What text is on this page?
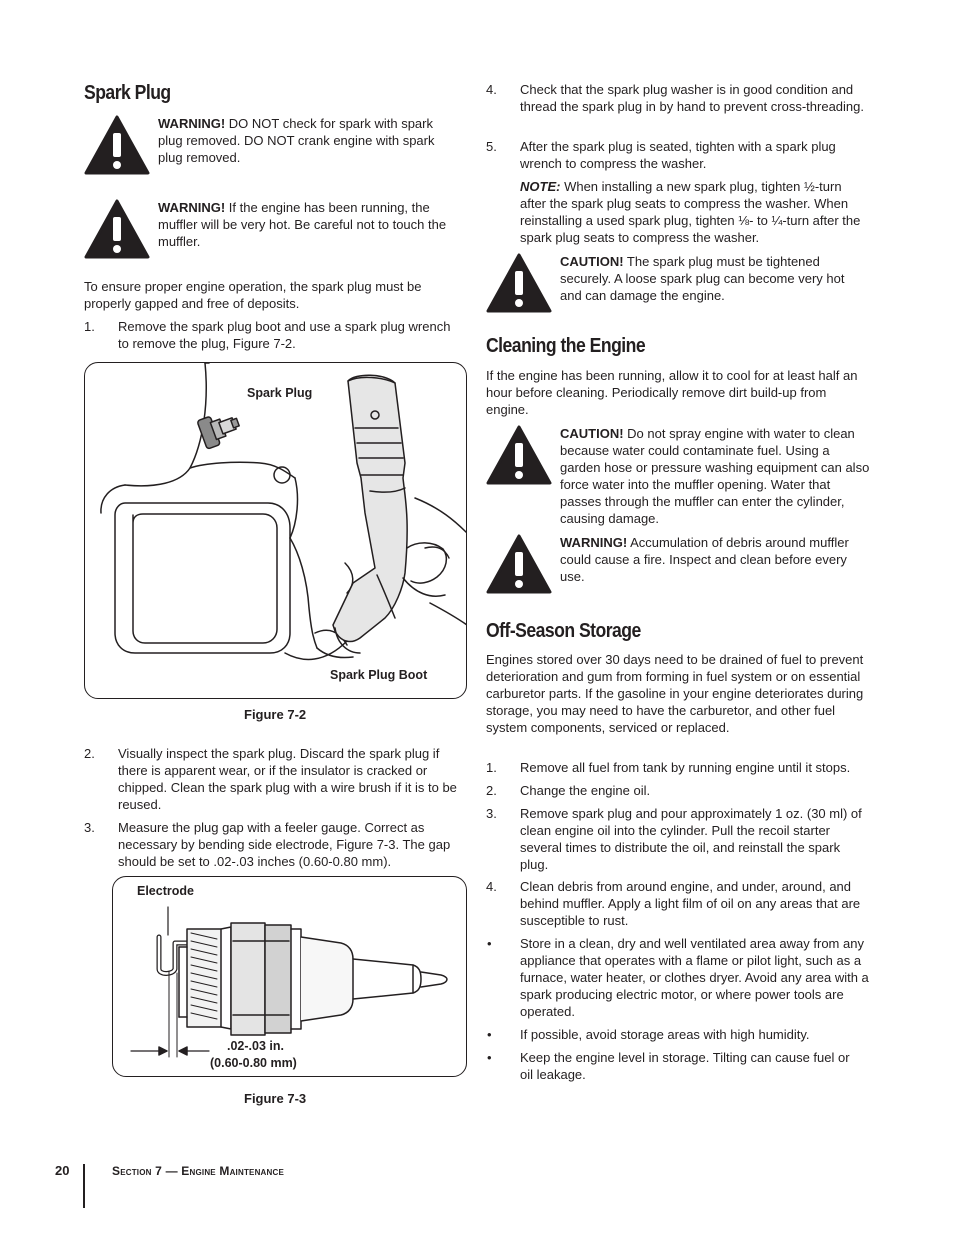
Spark Plug

WARNING! DO NOT check for spark with spark plug removed. DO NOT crank engine with spark plug removed.

WARNING! If the engine has been running, the muffler will be very hot. Be careful not to touch the muffler.

To ensure proper engine operation, the spark plug must be properly gapped and free of deposits.

1. Remove the spark plug boot and use a spark plug wrench to remove the plug, Figure 7-2.

Spark Plug
Spark Plug Boot
Figure 7-2
2. Visually inspect the spark plug. Discard the spark plug if there is apparent wear, or if the insulator is cracked or chipped. Clean the spark plug with a wire brush if it is to be reused.

3. Measure the plug gap with a feeler gauge. Correct as necessary by bending side electrode, Figure 7-3. The gap should be set to .02-.03 inches (0.60-0.80 mm).

Electrode
.02-.03 in.
(0.60-0.80 mm)
Figure 7-3
4. Check that the spark plug washer is in good condition and thread the spark plug in by hand to prevent cross-threading.

5. After the spark plug is seated, tighten with a spark plug wrench to compress the washer.

NOTE: When installing a new spark plug, tighten ½-turn after the spark plug seats to compress the washer. When reinstalling a used spark plug, tighten ⅛- to ¼-turn after the spark plug seats to compress the washer.

CAUTION! The spark plug must be tightened securely. A loose spark plug can become very hot and can damage the engine.

Cleaning the Engine

If the engine has been running, allow it to cool for at least half an hour before cleaning. Periodically remove dirt build-up from engine.

CAUTION! Do not spray engine with water to clean because water could contaminate fuel. Using a garden hose or pressure washing equipment can also force water into the muffler opening. Water that passes through the muffler can enter the cylinder, causing damage.

WARNING! Accumulation of debris around muffler could cause a fire. Inspect and clean before every use.

Off-Season Storage

Engines stored over 30 days need to be drained of fuel to prevent deterioration and gum from forming in fuel system or on essential carburetor parts. If the gasoline in your engine deteriorates during storage, you may need to have the carburetor, and other fuel system components, serviced or replaced.

1. Remove all fuel from tank by running engine until it stops.

2. Change the engine oil.

3. Remove spark plug and pour approximately 1 oz. (30 ml) of clean engine oil into the cylinder. Pull the recoil starter several times to distribute the oil, and reinstall the spark plug.

4. Clean debris from around engine, and under, around, and behind muffler. Apply a light film of oil on any areas that are susceptible to rust.

• Store in a clean, dry and well ventilated area away from any appliance that operates with a flame or pilot light, such as a furnace, water heater, or clothes dryer. Avoid any area with a spark producing electric motor, or where power tools are operated.

• If possible, avoid storage areas with high humidity.

• Keep the engine level in storage. Tilting can cause fuel or oil leakage.

20	Section 7 — Engine Maintenance
